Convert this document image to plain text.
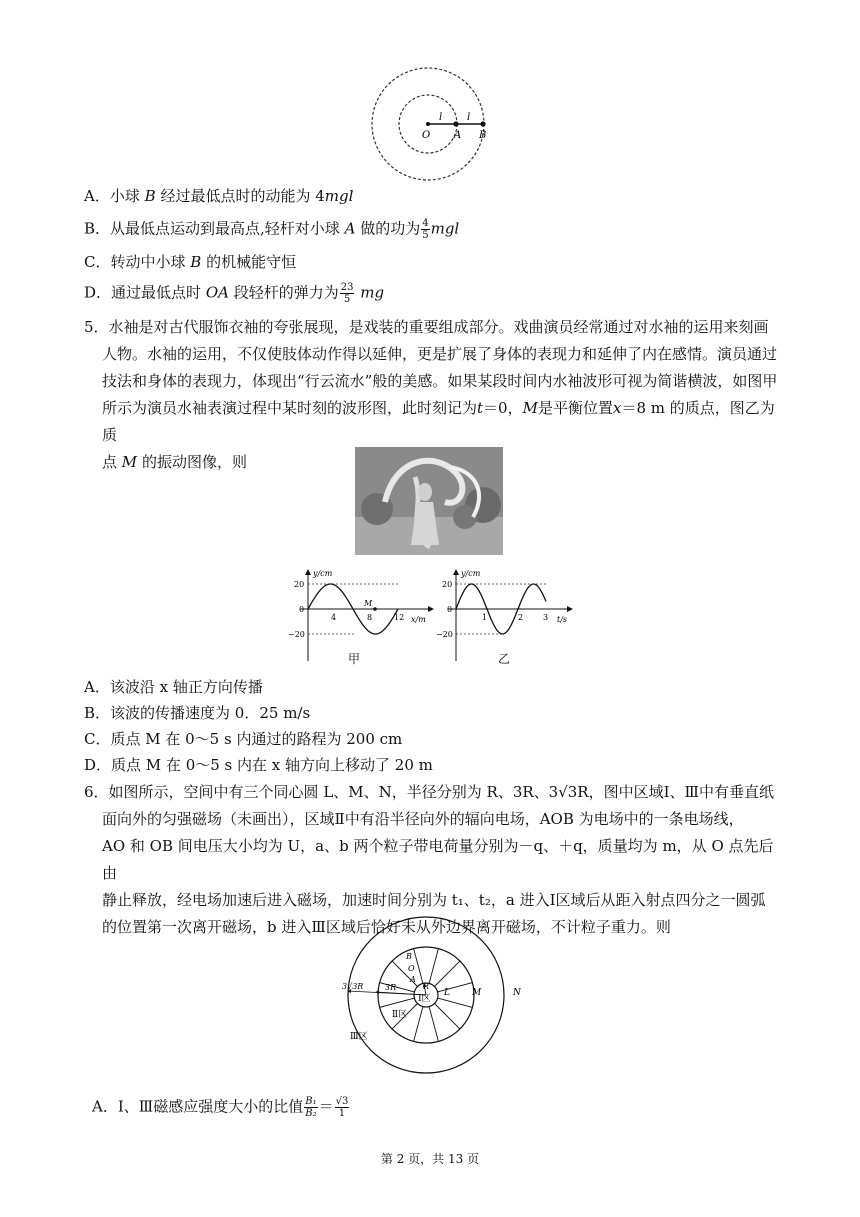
O A B
l l
A．小球 B 经过最低点时的动能为 4mgl
B．从最低点运动到最高点,轻杆对小球 A 做的功为 $\frac{4}{5}$ mgl
C．转动中小球 B 的机械能守恒
D．通过最低点时 OA 段轻杆的弹力为 $\frac{23}{5}$ mg
5．水袖是对古代服饰衣袖的夸张展现，是戏装的重要组成部分。戏曲演员经常通过对水袖的运用来刻画
人物。水袖的运用，不仅使肢体动作得以延伸，更是扩展了身体的表现力和延伸了内在感情。演员通过
技法和身体的表现力，体现出“行云流水”般的美感。如果某段时间内水袖波形可视为简谐横波，如图甲
所示为演员水袖表演过程中某时刻的波形图，此时刻记为t＝0，M是平衡位置x＝8 m 的质点，图乙为质
点 M 的振动图像，则
y/cm
x/m
20
0
−20
4	8	12
M
甲
y/cm
t/s
20
0
−20
1	2 3
乙
A．该波沿 x 轴正方向传播
B．该波的传播速度为 0．25 m/s
C．质点 M 在 0～5 s 内通过的路程为 200 cm
D．质点 M 在 0～5 s 内在 x 轴方向上移动了 20 m
6．如图所示，空间中有三个同心圆 L、M、N，半径分别为 R、3R、3√3R，图中区域Ⅰ、Ⅲ中有垂直纸
面向外的匀强磁场（未画出），区域Ⅱ中有沿半径向外的辐向电场，AOB 为电场中的一条电场线，
AO 和 OB 间电压大小均为 U，a、b 两个粒子带电荷量分别为－q、＋q，质量均为 m，从 O 点先后由
静止释放，经电场加速后进入磁场，加速时间分别为 t₁、t₂，a 进入Ⅰ区域后从距入射点四分之一圆弧
的位置第一次离开磁场，b 进入Ⅲ区域后恰好未从外边界离开磁场，不计粒子重力。则
B
O
A
R
3R
3√3R
L M	N
Ⅰ区
Ⅱ区
Ⅲ区
A．Ⅰ、Ⅲ磁感应强度大小的比值 $\frac{\text{B₁}}{\text{B₂}} = \frac{√3}{1}$
第 2 页，共 13 页
